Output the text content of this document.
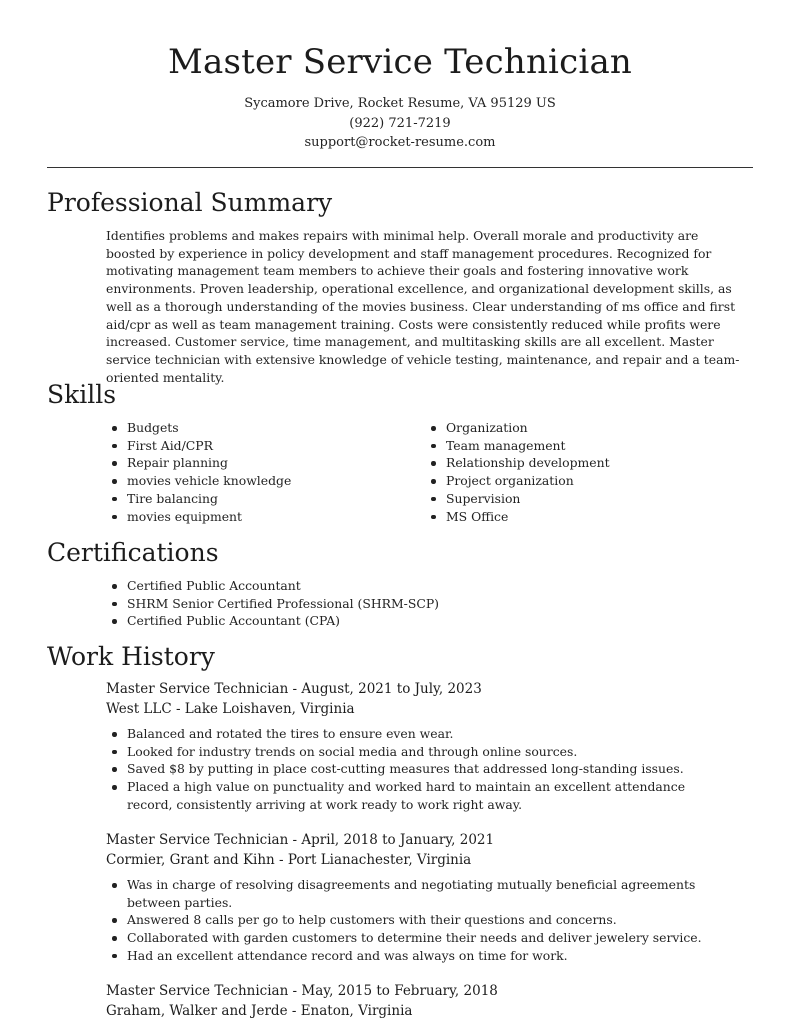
Master Service Technician
Sycamore Drive, Rocket Resume, VA 95129 US
(922) 721-7219
support@rocket-resume.com
Professional Summary

Identifies problems and makes repairs with minimal help. Overall morale and productivity are boosted by experience in policy development and staff management procedures. Recognized for motivating management team members to achieve their goals and fostering innovative work environments. Proven leadership, operational excellence, and organizational development skills, as well as a thorough understanding of the movies business. Clear understanding of ms office and first aid/cpr as well as team management training. Costs were consistently reduced while profits were increased. Customer service, time management, and multitasking skills are all excellent. Master service technician with extensive knowledge of vehicle testing, maintenance, and repair and a team-oriented mentality.

Skills
Budgets
First Aid/CPR
Repair planning
movies vehicle knowledge
Tire balancing
movies equipment
Organization
Team management
Relationship development
Project organization
Supervision
MS Office
Certifications
Certified Public Accountant
SHRM Senior Certified Professional (SHRM-SCP)
Certified Public Accountant (CPA)
Work History
Master Service Technician - August, 2021 to July, 2023
West LLC - Lake Loishaven, Virginia
Balanced and rotated the tires to ensure even wear.
Looked for industry trends on social media and through online sources.
Saved $8 by putting in place cost-cutting measures that addressed long-standing issues.
Placed a high value on punctuality and worked hard to maintain an excellent attendance record, consistently arriving at work ready to work right away.
Master Service Technician - April, 2018 to January, 2021
Cormier, Grant and Kihn - Port Lianachester, Virginia
Was in charge of resolving disagreements and negotiating mutually beneficial agreements between parties.
Answered 8 calls per go to help customers with their questions and concerns.
Collaborated with garden customers to determine their needs and deliver jewelery service.
Had an excellent attendance record and was always on time for work.
Master Service Technician - May, 2015 to February, 2018
Graham, Walker and Jerde - Enaton, Virginia
